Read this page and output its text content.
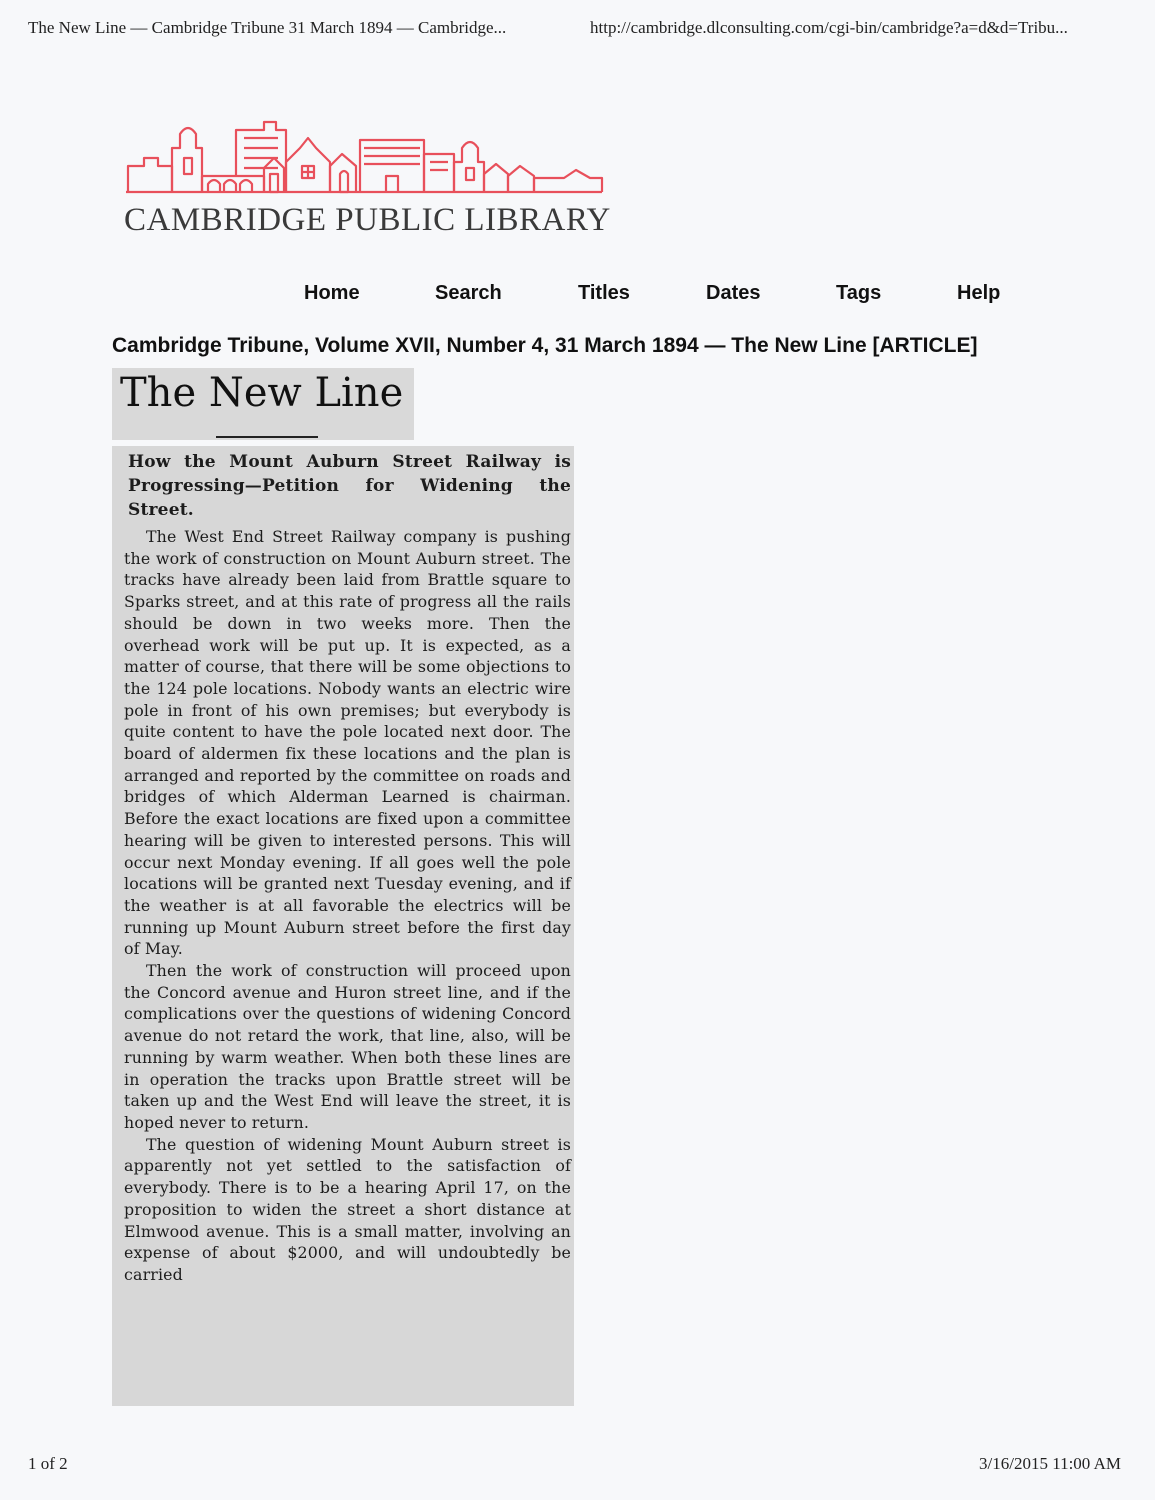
The New Line — Cambridge Tribune 31 March 1894 — Cambridge...	http://cambridge.dlconsulting.com/cgi-bin/cambridge?a=d&d=Tribu...
CAMBRIDGE PUBLIC LIBRARY
Home	Search	Titles	Dates	Tags	Help
Cambridge Tribune, Volume XVII, Number 4, 31 March 1894 — The New Line [ARTICLE]
The New Line

How the Mount Auburn Street Railway is Progressing—Petition for Widening the Street.

The West End Street Railway company is pushing the work of construction on Mount Auburn street. The tracks have already been laid from Brattle square to Sparks street, and at this rate of progress all the rails should be down in two weeks more. Then the overhead work will be put up. It is expected, as a matter of course, that there will be some objections to the 124 pole locations. Nobody wants an electric wire pole in front of his own premises; but everybody is quite content to have the pole located next door. The board of aldermen fix these locations and the plan is arranged and reported by the committee on roads and bridges of which Alderman Learned is chairman. Before the exact locations are fixed upon a committee hearing will be given to interested persons. This will occur next Monday evening. If all goes well the pole locations will be granted next Tuesday evening, and if the weather is at all favorable the electrics will be running up Mount Auburn street before the first day of May.

Then the work of construction will proceed upon the Concord avenue and Huron street line, and if the complications over the questions of widening Concord avenue do not retard the work, that line, also, will be running by warm weather. When both these lines are in operation the tracks upon Brattle street will be taken up and the West End will leave the street, it is hoped never to return.

The question of widening Mount Auburn street is apparently not yet settled to the satisfaction of everybody. There is to be a hearing April 17, on the proposition to widen the street a short distance at Elmwood avenue. This is a small matter, involving an expense of about $2000, and will undoubtedly be carried

1 of 2	3/16/2015 11:00 AM
